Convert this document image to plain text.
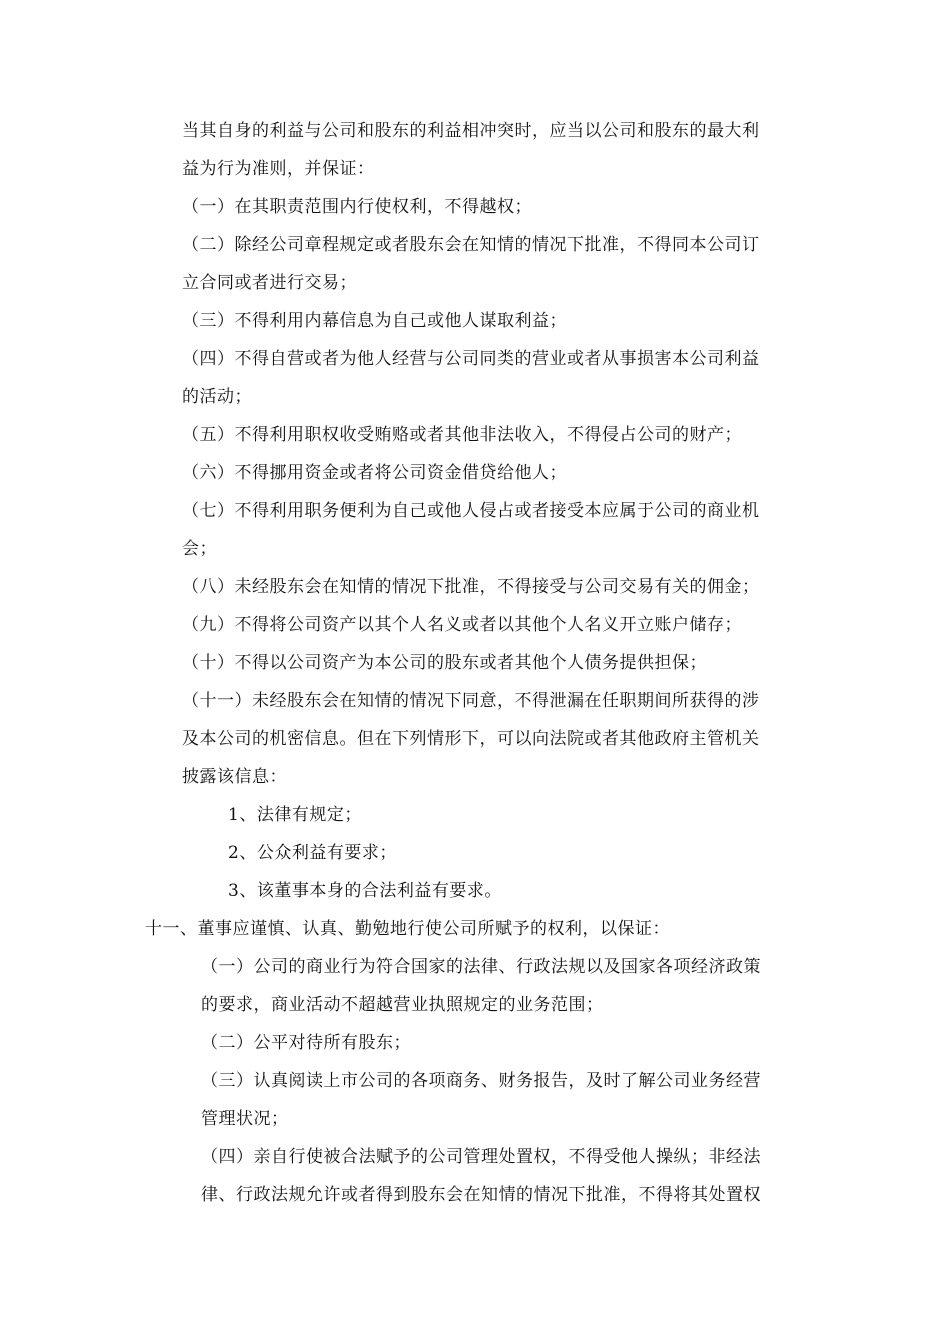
当其自身的利益与公司和股东的利益相冲突时，应当以公司和股东的最大利
益为行为准则，并保证：
（一）在其职责范围内行使权利，不得越权；
（二）除经公司章程规定或者股东会在知情的情况下批准，不得同本公司订
立合同或者进行交易；
（三）不得利用内幕信息为自己或他人谋取利益；
（四）不得自营或者为他人经营与公司同类的营业或者从事损害本公司利益
的活动；
（五）不得利用职权收受贿赂或者其他非法收入，不得侵占公司的财产；
（六）不得挪用资金或者将公司资金借贷给他人；
（七）不得利用职务便利为自己或他人侵占或者接受本应属于公司的商业机
会；
（八）未经股东会在知情的情况下批准，不得接受与公司交易有关的佣金；
（九）不得将公司资产以其个人名义或者以其他个人名义开立账户储存；
（十）不得以公司资产为本公司的股东或者其他个人债务提供担保；
（十一）未经股东会在知情的情况下同意，不得泄漏在任职期间所获得的涉
及本公司的机密信息。但在下列情形下，可以向法院或者其他政府主管机关
披露该信息：
1、法律有规定；
2、公众利益有要求；
3、该董事本身的合法利益有要求。
十一、董事应谨慎、认真、勤勉地行使公司所赋予的权利，以保证：
（一）公司的商业行为符合国家的法律、行政法规以及国家各项经济政策
的要求，商业活动不超越营业执照规定的业务范围；
（二）公平对待所有股东；
（三）认真阅读上市公司的各项商务、财务报告，及时了解公司业务经营
管理状况；
（四）亲自行使被合法赋予的公司管理处置权，不得受他人操纵；非经法
律、行政法规允许或者得到股东会在知情的情况下批准，不得将其处置权
